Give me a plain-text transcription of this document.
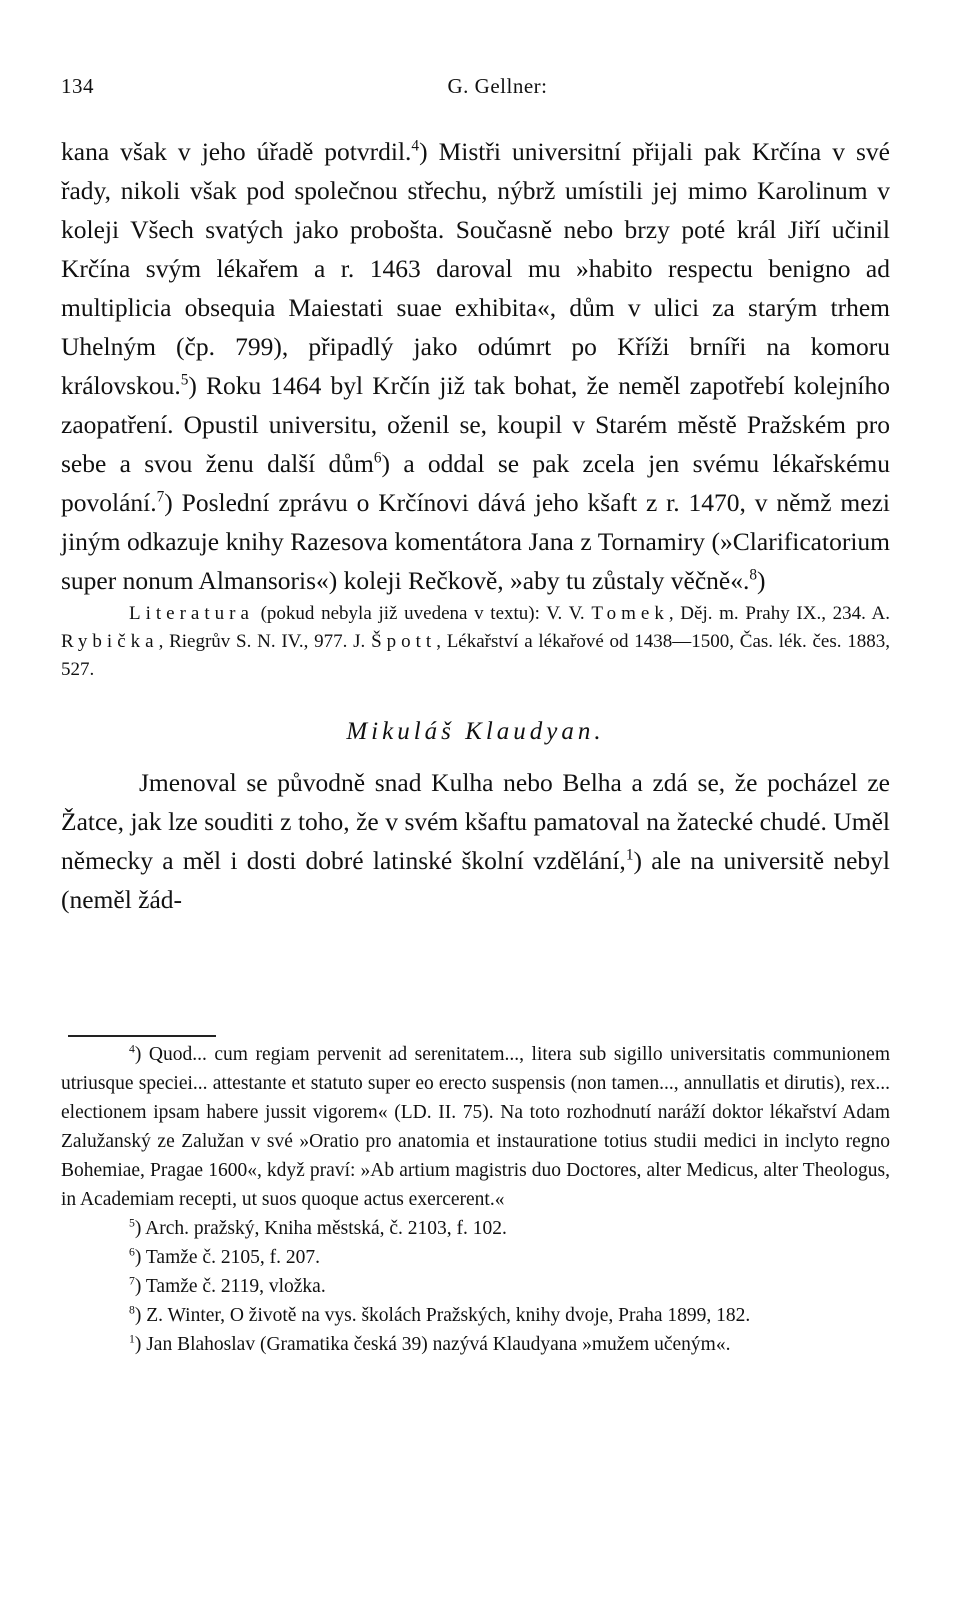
134	G. Gellner:

kana však v jeho úřadě potvrdil.$^4$) Mistři universitní přijali pak Krčína v své řady, nikoli však pod společnou střechu, nýbrž umístili jej mimo Karolinum v koleji Všech svatých jako probošta. Současně nebo brzy poté král Jiří učinil Krčína svým lékařem a r. 1463 daroval mu »habito respectu benigno ad multiplicia obsequia Maiestati suae exhibita«, dům v ulici za starým trhem Uhelným (čp. 799), připadlý jako odúmrt po Kříži brníři na komoru královskou.$^5$) Roku 1464 byl Krčín již tak bohat, že neměl zapotřebí kolejního zaopatření. Opustil universitu, oženil se, koupil v Starém městě Pražském pro sebe a svou ženu další dům$^6$) a oddal se pak zcela jen svému lékařskému povolání.$^7$) Poslední zprávu o Krčínovi dává jeho kšaft z r. 1470, v němž mezi jiným odkazuje knihy Razesova komentátora Jana z Tornamiry (»Clarificatorium super nonum Almansoris«) koleji Rečkově, »aby tu zůstaly věčně«.$^8$)

Literatura (pokud nebyla již uvedena v textu): V. V. Tomek, Děj. m. Prahy IX., 234. A. Rybička, Riegrův S. N. IV., 977. J. Špott, Lékařství a lékařové od 1438—1500, Čas. lék. čes. 1883, 527.

Mikuláš Klaudyan.

Jmenoval se původně snad Kulha nebo Belha a zdá se, že pocházel ze Žatce, jak lze souditi z toho, že v svém kšaftu pamatoval na žatecké chudé. Uměl německy a měl i dosti dobré latinské školní vzdělání,$^1$) ale na universitě nebyl (neměl žád-

$^4$) Quod... cum regiam pervenit ad serenitatem..., litera sub sigillo universitatis communionem utriusque speciei... attestante et statuto super eo erecto suspensis (non tamen..., annullatis et dirutis), rex... electionem ipsam habere jussit vigorem« (LD. II. 75). Na toto rozhodnutí naráží doktor lékařství Adam Zalužanský ze Zalužan v své »Oratio pro anatomia et instauratione totius studii medici in inclyto regno Bohemiae, Pragae 1600«, když praví: »Ab artium magistris duo Doctores, alter Medicus, alter Theologus, in Academiam recepti, ut suos quoque actus exercerent.«

$^5$) Arch. pražský, Kniha městská, č. 2103, f. 102.

$^6$) Tamže č. 2105, f. 207.

$^7$) Tamže č. 2119, vložka.

$^8$) Z. Winter, O životě na vys. školách Pražských, knihy dvoje, Praha 1899, 182.

$^1$) Jan Blahoslav (Gramatika česká 39) nazývá Klaudyana »mužem učeným«.
